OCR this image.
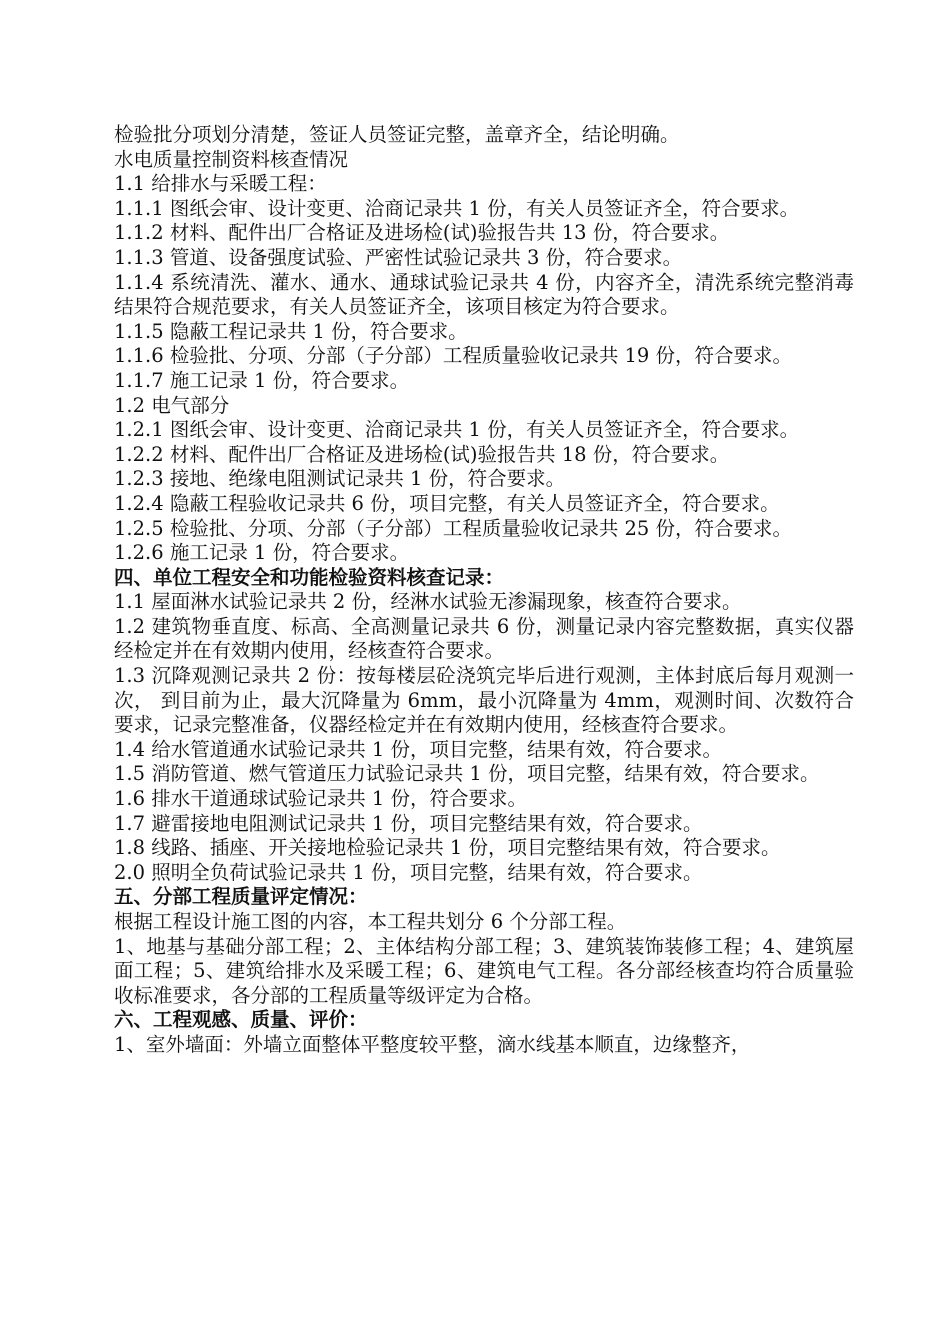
检验批分项划分清楚，签证人员签证完整，盖章齐全，结论明确。

水电质量控制资料核查情况

1.1 给排水与采暖工程：

1.1.1 图纸会审、设计变更、洽商记录共 1 份，有关人员签证齐全，符合要求。

1.1.2 材料、配件出厂合格证及进场检(试)验报告共 13 份，符合要求。

1.1.3 管道、设备强度试验、严密性试验记录共 3 份，符合要求。

1.1.4 系统清洗、灌水、通水、通球试验记录共 4 份，内容齐全，清洗系统完整消毒结果符合规范要求，有关人员签证齐全，该项目核定为符合要求。

1.1.5 隐蔽工程记录共 1 份，符合要求。

1.1.6 检验批、分项、分部（子分部）工程质量验收记录共 19 份，符合要求。

1.1.7 施工记录 1 份，符合要求。

1.2 电气部分

1.2.1 图纸会审、设计变更、洽商记录共 1 份，有关人员签证齐全，符合要求。

1.2.2 材料、配件出厂合格证及进场检(试)验报告共 18 份，符合要求。

1.2.3 接地、绝缘电阻测试记录共 1 份，符合要求。

1.2.4 隐蔽工程验收记录共 6 份，项目完整，有关人员签证齐全，符合要求。

1.2.5 检验批、分项、分部（子分部）工程质量验收记录共 25 份，符合要求。

1.2.6 施工记录 1 份，符合要求。

四、单位工程安全和功能检验资料核查记录：

1.1 屋面淋水试验记录共 2 份，经淋水试验无渗漏现象，核查符合要求。

1.2 建筑物垂直度、标高、全高测量记录共 6 份，测量记录内容完整数据，真实仪器经检定并在有效期内使用，经核查符合要求。

1.3 沉降观测记录共 2 份：按每楼层砼浇筑完毕后进行观测，主体封底后每月观测一次， 到目前为止，最大沉降量为 6mm，最小沉降量为 4mm，观测时间、次数符合要求，记录完整准备，仪器经检定并在有效期内使用，经核查符合要求。

1.4 给水管道通水试验记录共 1 份，项目完整，结果有效，符合要求。

1.5 消防管道、燃气管道压力试验记录共 1 份，项目完整，结果有效，符合要求。

1.6 排水干道通球试验记录共 1 份，符合要求。

1.7 避雷接地电阻测试记录共 1 份，项目完整结果有效，符合要求。

1.8 线路、插座、开关接地检验记录共 1 份，项目完整结果有效，符合要求。

2.0 照明全负荷试验记录共 1 份，项目完整，结果有效，符合要求。

五、分部工程质量评定情况：

根据工程设计施工图的内容，本工程共划分 6 个分部工程。

1、地基与基础分部工程；2、主体结构分部工程；3、建筑装饰装修工程；4、建筑屋面工程；5、建筑给排水及采暖工程；6、建筑电气工程。各分部经核查均符合质量验收标准要求，各分部的工程质量等级评定为合格。

六、工程观感、质量、评价：

1、室外墙面：外墙立面整体平整度较平整，滴水线基本顺直，边缘整齐，
